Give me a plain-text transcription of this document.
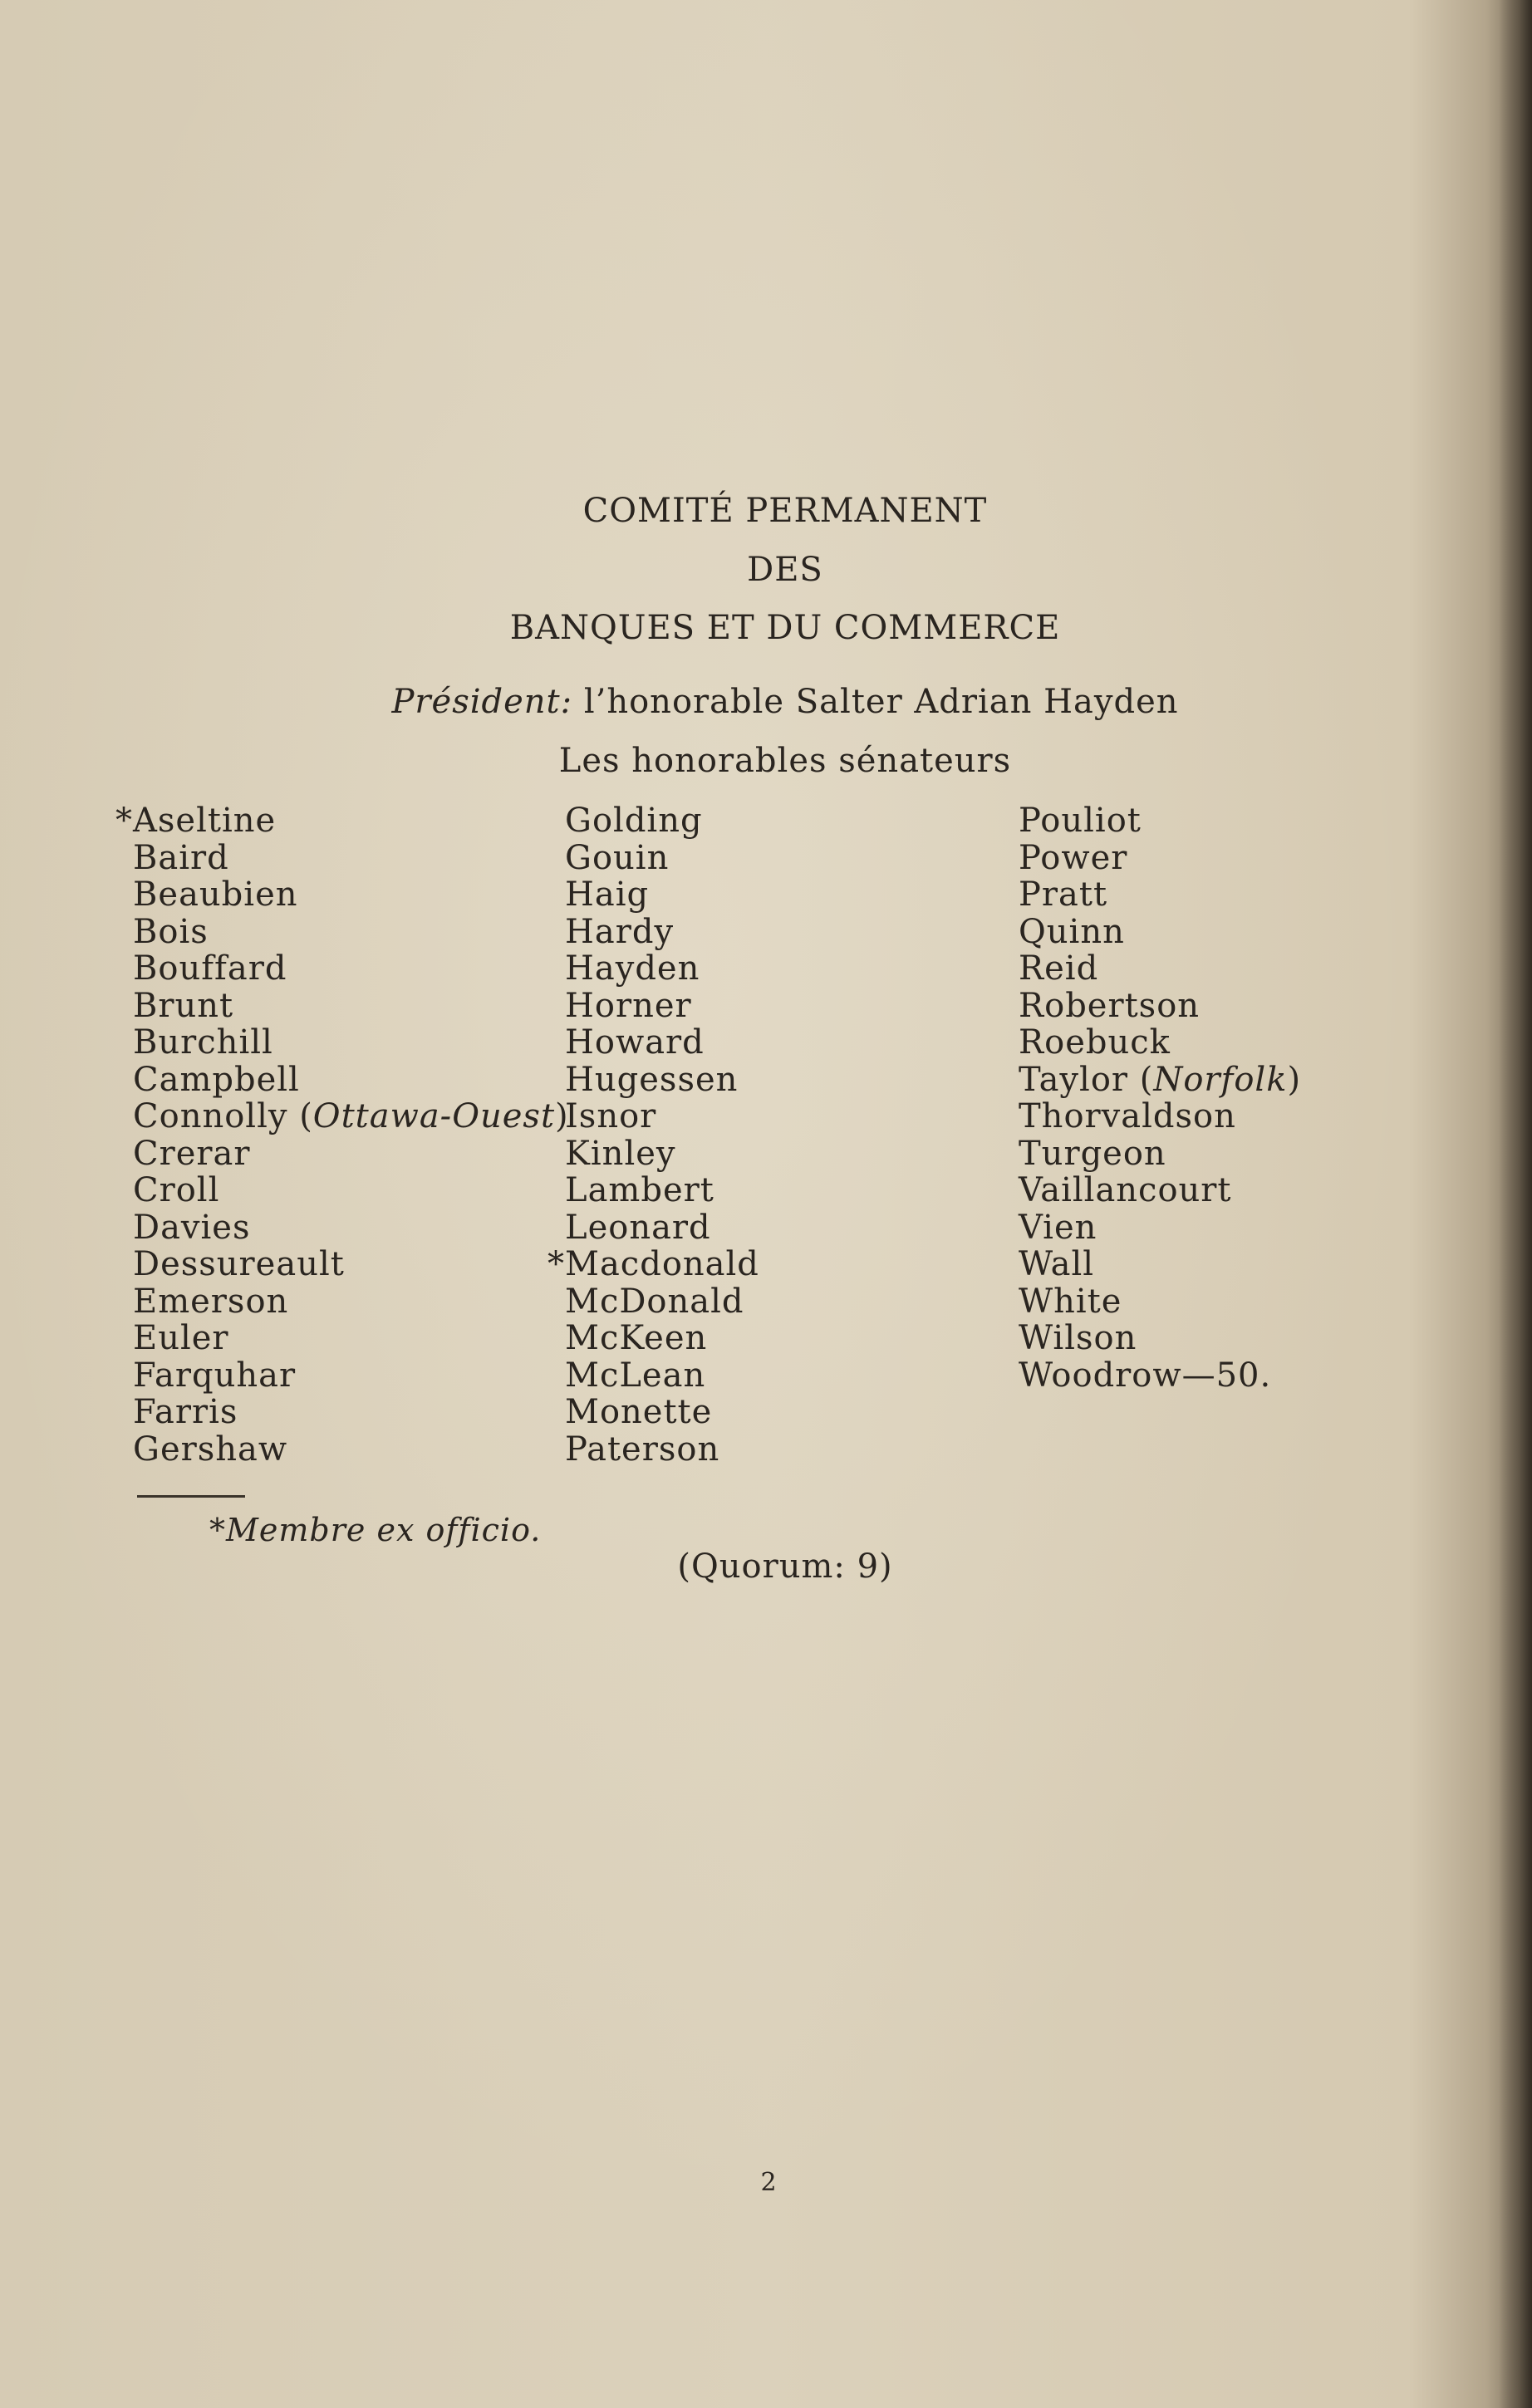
COMITÉ PERMANENT
DES
BANQUES ET DU COMMERCE
Président: l’honorable Salter Adrian Hayden
Les honorables sénateurs
*Aseltine
Baird
Beaubien
Bois
Bouffard
Brunt
Burchill
Campbell
Connolly (Ottawa-Ouest)
Crerar
Croll
Davies
Dessureault
Emerson
Euler
Farquhar
Farris
Gershaw
Golding
Gouin
Haig
Hardy
Hayden
Horner
Howard
Hugessen
Isnor
Kinley
Lambert
Leonard
*Macdonald
McDonald
McKeen
McLean
Monette
Paterson
Pouliot
Power
Pratt
Quinn
Reid
Robertson
Roebuck
Taylor (Norfolk)
Thorvaldson
Turgeon
Vaillancourt
Vien
Wall
White
Wilson
Woodrow—50.
*Membre ex officio.
(Quorum: 9)
2
